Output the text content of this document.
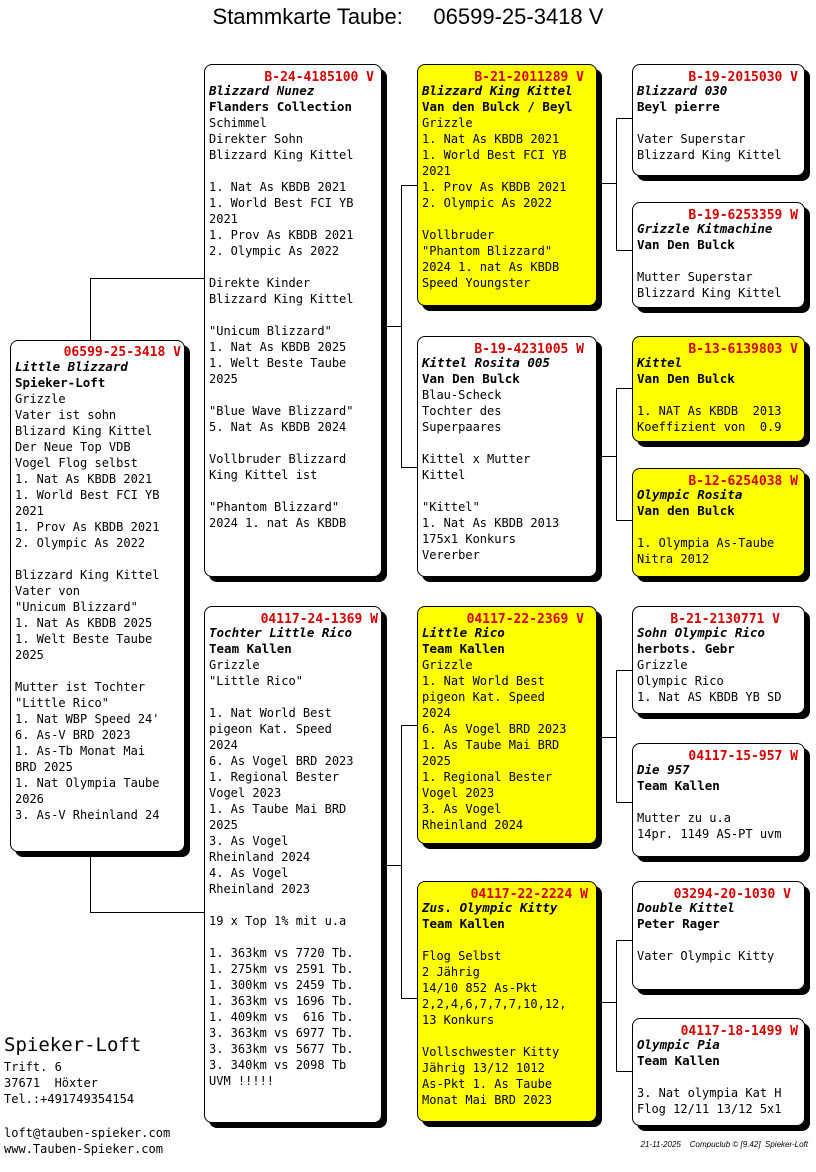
Stammkarte Taube:     06599-25-3418 V
06599-25-3418 V
Little Blizzard
Spieker-Loft
Grizzle
Vater ist sohn
Blizard King Kittel
Der Neue Top VDB
Vogel Flog selbst
1. Nat As KBDB 2021
1. World Best FCI YB
2021
1. Prov As KBDB 2021
2. Olympic As 2022

Blizzard King Kittel
Vater von
"Unicum Blizzard"
1. Nat As KBDB 2025
1. Welt Beste Taube
2025

Mutter ist Tochter
"Little Rico"
1. Nat WBP Speed 24'
6. As-V BRD 2023
1. As-Tb Monat Mai
BRD 2025
1. Nat Olympia Taube
2026
3. As-V Rheinland 24
B-24-4185100 V
Blizzard Nunez
Flanders Collection
Schimmel
Direkter Sohn
Blizzard King Kittel

1. Nat As KBDB 2021
1. World Best FCI YB
2021
1. Prov As KBDB 2021
2. Olympic As 2022

Direkte Kinder
Blizzard King Kittel

"Unicum Blizzard"
1. Nat As KBDB 2025
1. Welt Beste Taube
2025

"Blue Wave Blizzard"
5. Nat As KBDB 2024

Vollbruder Blizzard
King Kittel ist

"Phantom Blizzard"
2024 1. nat As KBDB
04117-24-1369 W
Tochter Little Rico
Team Kallen
Grizzle
"Little Rico"

1. Nat World Best
pigeon Kat. Speed
2024
6. As Vogel BRD 2023
1. Regional Bester
Vogel 2023
1. As Taube Mai BRD
2025
3. As Vogel
Rheinland 2024
4. As Vogel
Rheinland 2023

19 x Top 1% mit u.a

1. 363km vs 7720 Tb.
1. 275km vs 2591 Tb.
1. 300km vs 2459 Tb.
1. 363km vs 1696 Tb.
1. 409km vs  616 Tb.
3. 363km vs 6977 Tb.
3. 363km vs 5677 Tb.
3. 340km vs 2098 Tb
UVM !!!!!
B-21-2011289 V
Blizzard King Kittel
Van den Bulck / Beyl
Grizzle
1. Nat As KBDB 2021
1. World Best FCI YB
2021
1. Prov As KBDB 2021
2. Olympic As 2022

Vollbruder
"Phantom Blizzard"
2024 1. nat As KBDB
Speed Youngster
B-19-4231005 W
Kittel Rosita 005
Van Den Bulck
Blau-Scheck
Tochter des
Superpaares

Kittel x Mutter
Kittel

"Kittel"
1. Nat As KBDB 2013
175x1 Konkurs
Vererber
04117-22-2369 V
Little Rico
Team Kallen
Grizzle
1. Nat World Best
pigeon Kat. Speed
2024
6. As Vogel BRD 2023
1. As Taube Mai BRD
2025
1. Regional Bester
Vogel 2023
3. As Vogel
Rheinland 2024
04117-22-2224 W
Zus. Olympic Kitty
Team Kallen

Flog Selbst
2 Jährig
14/10 852 As-Pkt
2,2,4,6,7,7,7,10,12,
13 Konkurs

Vollschwester Kitty
Jährig 13/12 1012
As-Pkt 1. As Taube
Monat Mai BRD 2023
B-19-2015030 V
Blizzard 030
Beyl pierre

Vater Superstar
Blizzard King Kittel
B-19-6253359 W
Grizzle Kitmachine
Van Den Bulck

Mutter Superstar
Blizzard King Kittel
B-13-6139803 V
Kittel
Van Den Bulck

1. NAT As KBDB  2013
Koeffizient von  0.9
B-12-6254038 W
Olympic Rosita
Van den Bulck

1. Olympia As-Taube
Nitra 2012
B-21-2130771 V
Sohn Olympic Rico
herbots. Gebr
Grizzle
Olympic Rico
1. Nat AS KBDB YB SD
04117-15-957 W
Die 957
Team Kallen

Mutter zu u.a
14pr. 1149 AS-PT uvm
03294-20-1030 V
Double Kittel
Peter Rager

Vater Olympic Kitty
04117-18-1499 W
Olympic Pia
Team Kallen

3. Nat olympia Kat H
Flog 12/11 13/12 5x1
Spieker-Loft
Trift. 6
37671  Höxter
Tel.:+491749354154
loft@tauben-spieker.com
www.Tauben-Spieker.com	21-11-2025    Compuclub © [9.42]  Spieker-Loft
